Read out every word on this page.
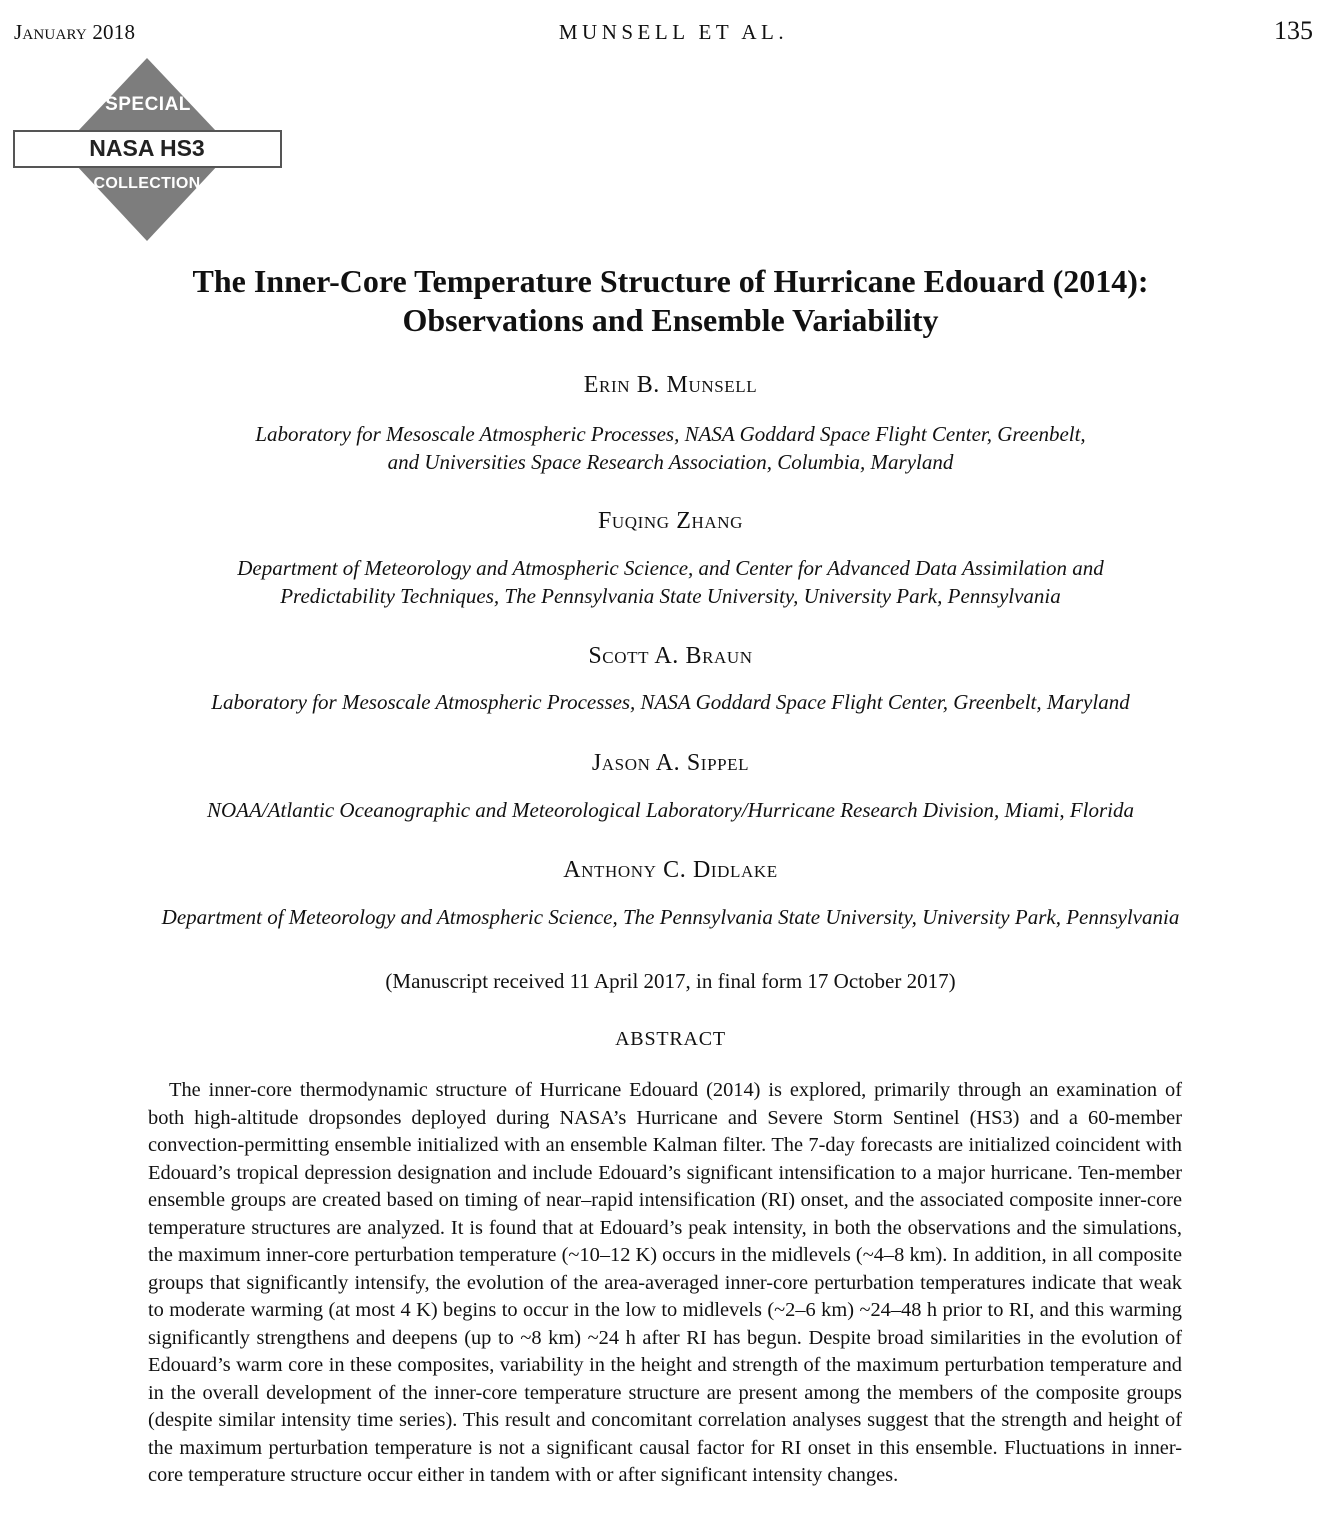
January 2018	MUNSELL ET AL.	135
SPECIAL
NASA HS3
COLLECTION
The Inner-Core Temperature Structure of Hurricane Edouard (2014):
Observations and Ensemble Variability
Erin B. Munsell
Laboratory for Mesoscale Atmospheric Processes, NASA Goddard Space Flight Center, Greenbelt,
and Universities Space Research Association, Columbia, Maryland
Fuqing Zhang
Department of Meteorology and Atmospheric Science, and Center for Advanced Data Assimilation and
Predictability Techniques, The Pennsylvania State University, University Park, Pennsylvania
Scott A. Braun
Laboratory for Mesoscale Atmospheric Processes, NASA Goddard Space Flight Center, Greenbelt, Maryland
Jason A. Sippel
NOAA/Atlantic Oceanographic and Meteorological Laboratory/Hurricane Research Division, Miami, Florida
Anthony C. Didlake
Department of Meteorology and Atmospheric Science, The Pennsylvania State University, University Park, Pennsylvania
(Manuscript received 11 April 2017, in final form 17 October 2017)
ABSTRACT

The inner-core thermodynamic structure of Hurricane Edouard (2014) is explored, primarily through an examination of both high-altitude dropsondes deployed during NASA’s Hurricane and Severe Storm Sentinel (HS3) and a 60-member convection-permitting ensemble initialized with an ensemble Kalman filter. The 7-day forecasts are initialized coincident with Edouard’s tropical depression designation and include Edouard’s significant intensification to a major hurricane. Ten-member ensemble groups are created based on timing of near–rapid intensification (RI) onset, and the associated composite inner-core temperature structures are analyzed. It is found that at Edouard’s peak intensity, in both the observations and the simulations, the maximum inner-core perturbation temperature (~10–12 K) occurs in the midlevels (~4–8 km). In addition, in all composite groups that significantly intensify, the evolution of the area-averaged inner-core perturbation temperatures indicate that weak to moderate warming (at most 4 K) begins to occur in the low to midlevels (~2–6 km) ~24–48 h prior to RI, and this warming significantly strengthens and deepens (up to ~8 km) ~24 h after RI has begun. Despite broad similarities in the evolution of Edouard’s warm core in these composites, variability in the height and strength of the maximum perturbation temperature and in the overall development of the inner-core temperature structure are present among the members of the composite groups (despite similar intensity time series). This result and concomitant correlation analyses suggest that the strength and height of the maximum perturbation temperature is not a significant causal factor for RI onset in this ensemble. Fluctuations in inner-core temperature structure occur either in tandem with or after significant intensity changes.
